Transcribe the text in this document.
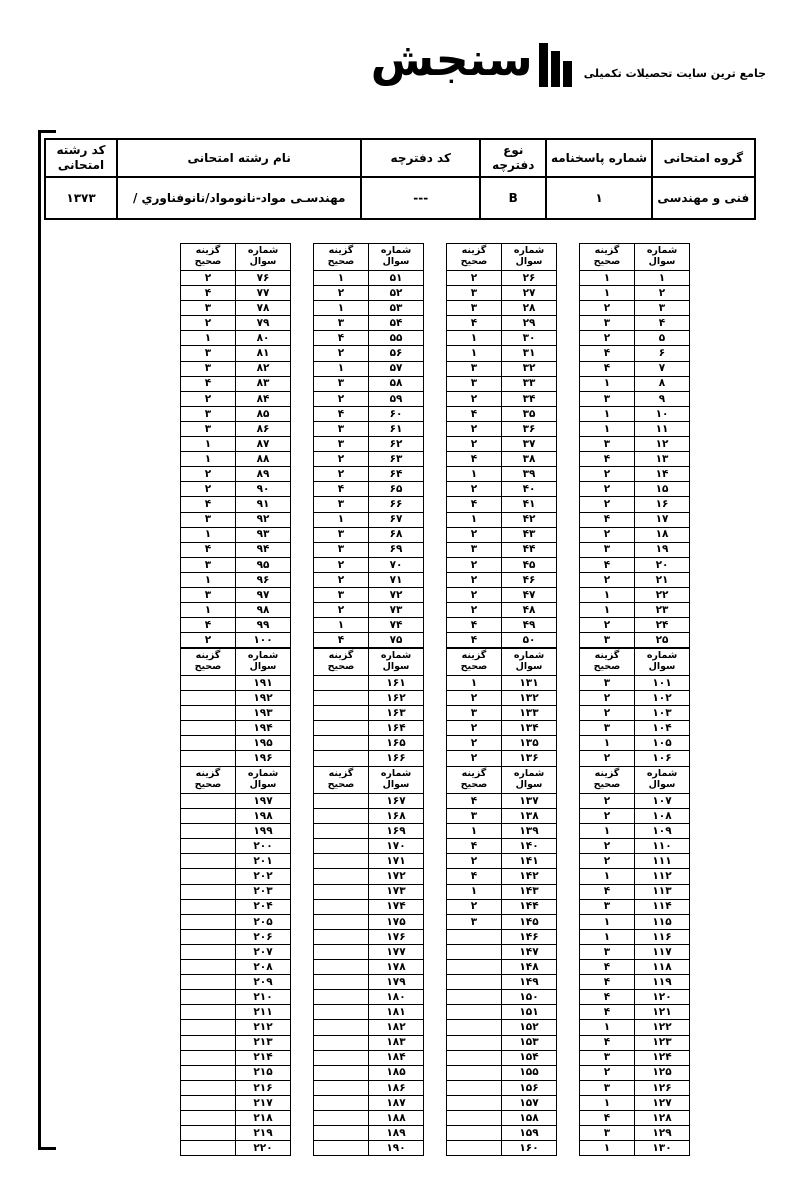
جامع ترین سایت تحصیلات تکمیلی
سنجش
گروه امتحانی	شماره پاسخنامه	نوع دفترچه	کد دفترچه	نام رشته امتحانی	کد رشته امتحانی
فنی و مهندسی	۱	B	---	مهندسـی مواد-نانومواد/نانوفناوري /	۱۳۷۳
شماره سوال	گزینه صحیح
۱	۱
۲	۱
۳	۲
۴	۳
۵	۲
۶	۴
۷	۴
۸	۱
۹	۳
۱۰	۱
۱۱	۱
۱۲	۳
۱۳	۴
۱۴	۲
۱۵	۲
۱۶	۲
۱۷	۴
۱۸	۲
۱۹	۳
۲۰	۴
۲۱	۲
۲۲	۱
۲۳	۱
۲۴	۲
۲۵	۳
شماره سوال	گزینه صحیح
۲۶	۲
۲۷	۳
۲۸	۳
۲۹	۴
۳۰	۱
۳۱	۱
۳۲	۳
۳۳	۳
۳۴	۲
۳۵	۴
۳۶	۲
۳۷	۲
۳۸	۴
۳۹	۱
۴۰	۲
۴۱	۴
۴۲	۱
۴۳	۲
۴۴	۳
۴۵	۲
۴۶	۲
۴۷	۲
۴۸	۲
۴۹	۴
۵۰	۴
شماره سوال	گزینه صحیح
۵۱	۱
۵۲	۲
۵۳	۱
۵۴	۳
۵۵	۴
۵۶	۲
۵۷	۱
۵۸	۳
۵۹	۲
۶۰	۴
۶۱	۳
۶۲	۳
۶۳	۲
۶۴	۲
۶۵	۴
۶۶	۳
۶۷	۱
۶۸	۳
۶۹	۳
۷۰	۲
۷۱	۲
۷۲	۳
۷۳	۲
۷۴	۱
۷۵	۴
شماره سوال	گزینه صحیح
۷۶	۲
۷۷	۴
۷۸	۳
۷۹	۲
۸۰	۱
۸۱	۳
۸۲	۳
۸۳	۴
۸۴	۲
۸۵	۳
۸۶	۳
۸۷	۱
۸۸	۱
۸۹	۲
۹۰	۲
۹۱	۴
۹۲	۳
۹۳	۱
۹۴	۴
۹۵	۳
۹۶	۱
۹۷	۳
۹۸	۱
۹۹	۴
۱۰۰	۲
شماره سوال	گزینه صحیح
۱۰۱	۳
۱۰۲	۲
۱۰۳	۲
۱۰۴	۳
۱۰۵	۱
۱۰۶	۲
شماره سوال	گزینه صحیح
۱۳۱	۱
۱۳۲	۲
۱۳۳	۳
۱۳۴	۲
۱۳۵	۲
۱۳۶	۲
شماره سوال	گزینه صحیح
۱۶۱	
۱۶۲	
۱۶۳	
۱۶۴	
۱۶۵	
۱۶۶	
شماره سوال	گزینه صحیح
۱۹۱	
۱۹۲	
۱۹۳	
۱۹۴	
۱۹۵	
۱۹۶	
شماره سوال	گزینه صحیح
۱۰۷	۲
۱۰۸	۲
۱۰۹	۱
۱۱۰	۲
۱۱۱	۲
۱۱۲	۱
۱۱۳	۴
۱۱۴	۳
۱۱۵	۱
۱۱۶	۱
۱۱۷	۳
۱۱۸	۴
۱۱۹	۴
۱۲۰	۴
۱۲۱	۴
۱۲۲	۱
۱۲۳	۴
۱۲۴	۳
۱۲۵	۲
۱۲۶	۳
۱۲۷	۱
۱۲۸	۴
۱۲۹	۳
۱۳۰	۱
شماره سوال	گزینه صحیح
۱۳۷	۴
۱۳۸	۳
۱۳۹	۱
۱۴۰	۴
۱۴۱	۲
۱۴۲	۴
۱۴۳	۱
۱۴۴	۲
۱۴۵	۳
۱۴۶	
۱۴۷	
۱۴۸	
۱۴۹	
۱۵۰	
۱۵۱	
۱۵۲	
۱۵۳	
۱۵۴	
۱۵۵	
۱۵۶	
۱۵۷	
۱۵۸	
۱۵۹	
۱۶۰	
شماره سوال	گزینه صحیح
۱۶۷	
۱۶۸	
۱۶۹	
۱۷۰	
۱۷۱	
۱۷۲	
۱۷۳	
۱۷۴	
۱۷۵	
۱۷۶	
۱۷۷	
۱۷۸	
۱۷۹	
۱۸۰	
۱۸۱	
۱۸۲	
۱۸۳	
۱۸۴	
۱۸۵	
۱۸۶	
۱۸۷	
۱۸۸	
۱۸۹	
۱۹۰	
شماره سوال	گزینه صحیح
۱۹۷	
۱۹۸	
۱۹۹	
۲۰۰	
۲۰۱	
۲۰۲	
۲۰۳	
۲۰۴	
۲۰۵	
۲۰۶	
۲۰۷	
۲۰۸	
۲۰۹	
۲۱۰	
۲۱۱	
۲۱۲	
۲۱۳	
۲۱۴	
۲۱۵	
۲۱۶	
۲۱۷	
۲۱۸	
۲۱۹	
۲۲۰	
